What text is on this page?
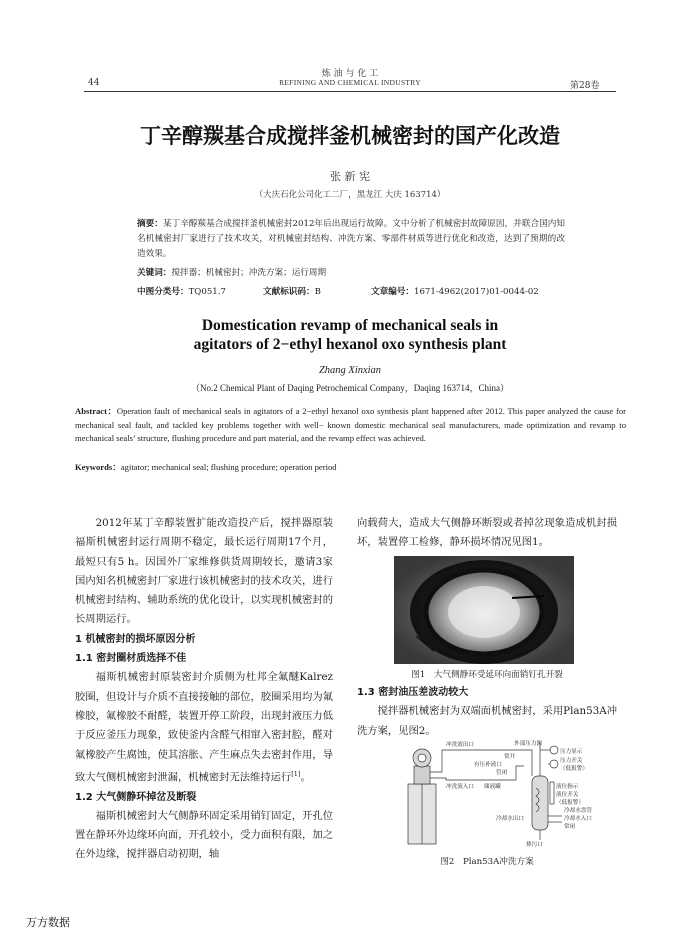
炼 油 与 化 工
REFINING AND CHEMICAL INDUSTRY
44	第28卷
丁辛醇羰基合成搅拌釜机械密封的国产化改造
张 新 宪
（大庆石化公司化工二厂，黑龙江 大庆 163714）
摘要：某丁辛醇羰基合成搅拌釜机械密封2012年后出现运行故障。文中分析了机械密封故障原因，并联合国内知名机械密封厂家进行了技术攻关，对机械密封结构、冲洗方案、零部件材质等进行优化和改造，达到了预期的改造效果。
关键词：搅拌器；机械密封；冲洗方案；运行周期
中图分类号：TQ051.7	文献标识码：B	文章编号：1671-4962(2017)01-0044-02
Domestication revamp of mechanical seals in
agitators of 2−ethyl hexanol oxo synthesis plant
Zhang Xinxian
（No.2 Chemical Plant of Daqing Petrochemical Company，Daqing 163714，China）
Abstract：Operation fault of mechanical seals in agitators of a 2−ethyl hexanol oxo synthesis plant happened after 2012. This paper analyzed the cause for mechanical seal fault, and tackled key problems together with well− known domestic mechanical seal manufacturers, made optimization and revamp to mechanical seals’ structure, flushing procedure and part material, and the revamp effect was achieved.
Keywords：agitator; mechanical seal; flushing procedure; operation period

2012年某丁辛醇装置扩能改造投产后，搅拌器原装福斯机械密封运行周期不稳定，最长运行周期17个月，最短只有5 h。因国外厂家维修供货周期较长，邀请3家国内知名机械密封厂家进行该机械密封的技术攻关，进行机械密封结构、辅助系统的优化设计，以实现机械密封的长周期运行。

1 机械密封的损坏原因分析
1.1 密封圈材质选择不佳

福斯机械密封原装密封介质侧为杜邦全氟醚Kalrez胶圈，但设计与介质不直接接触的部位，胶圈采用均为氟橡胶，氟橡胶不耐醛，装置开停工阶段，出现封液压力低于反应釜压力现象，致使釜内含醛气相窜入密封腔，醛对氟橡胶产生腐蚀，使其溶胀、产生麻点失去密封作用，导致大气侧机械密封泄漏，机械密封无法维持运行[1]。

1.2 大气侧静环掉岔及断裂

福斯机械密封大气侧静环固定采用销钉固定，开孔位置在静环外边缘环向面，开孔较小，受力面积有限，加之在外边缘，搅拌器启动初期，轴

向载荷大，造成大气侧静环断裂或者掉岔现象造成机封损坏，装置停工检修，静环损坏情况见图1。

图1　大气侧静环受延环向面销钉孔开裂
1.3 密封油压差波动较大

搅拌器机械密封为双端面机械密封，采用Plan53A冲洗方案，见图2。

冲洗液出口	外部压力源
常开
压力显示
压力开关
（低报警）
有压补液口
管闭
储液罐	液位指示
液位开关
（低报警）
冲洗液入口
冷却水盘管
冷却水入口
冷却水出口
常闭
排污口
图2　Plan53A冲洗方案
万方数据
